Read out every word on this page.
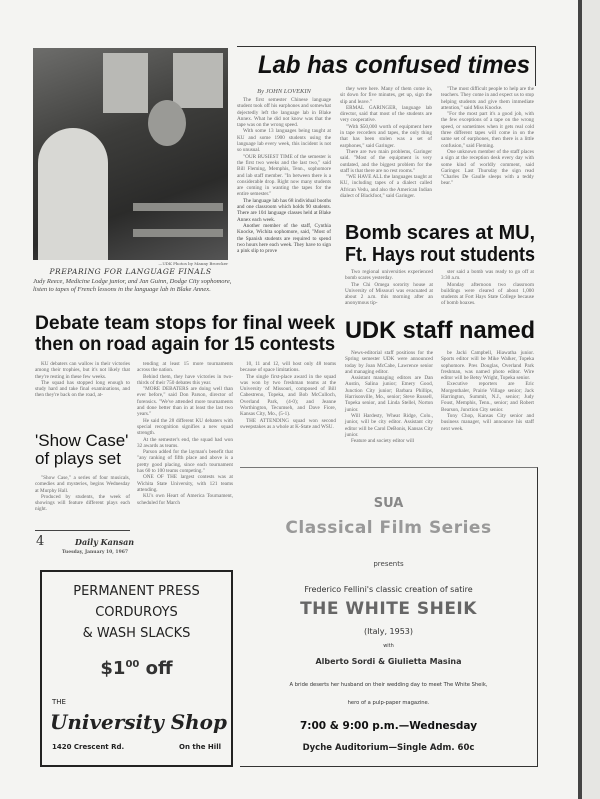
—UDK Photos by Manny Broecker
PREPARING FOR LANGUAGE FINALS
Judy Reece, Medicine Lodge junior, and Jan Guinn, Dodge City sophomore, listen to tapes of French lessons in the language lab in Blake Annex.
Lab has confused times
By JOHN LOVEKIN

The first semester Chinese language student took off his earphones and somewhat dejectedly left the language lab in Blake Annex. What he did not know was that the tape was on the wrong speed.

With some 13 languages being taught at KU and some 1900 students using the language lab every week, this incident is not so unusual.

"OUR BUSIEST TIME of the semester is the first two weeks and the last two," said Bill Fleming, Memphis, Tenn., sophomore and lab staff member. "In between there is a considerable drop. Right now many students are coming in wanting the tapes for the entire semester."

The language lab has 68 individual booths and one classroom which holds 90 students. There are 104 language classes held at Blake Annex each week.

Another member of the staff, Cynthia Knocke, Wichita sophomore, said, "Most of the Spanish students are required to spend two hours here each week. They have to sign a pink slip to prove

they were here. Many of them come in, sit down for five minutes, get up, sign the slip and leave."

ERMAL GARINGER, language lab director, said that most of the students are very cooperative.

"With $50,000 worth of equipment here in tape recorders and tapes, the only thing that has been stolen was a set of earphones," said Garinger.

There are two main problems, Garinger said. "Most of the equipment is very outdated, and the biggest problem for the staff is that there are no rest rooms."

"WE HAVE ALL the languages taught at KU, including tapes of a dialect called African Vedu, and also the American Indian dialect of Blackfoot," said Garinger.

"The most difficult people to help are the teachers. They come in and expect us to stop helping students and give them immediate attention," said Miss Knocke.

"For the most part it's a good job, with the few exceptions of a tape on the wrong speed, or sometimes when it gets real cold three different tapes will come in on the same set of earphones, then there is a little confusion," said Fleming.

One unknown member of the staff places a sign at the reception desk every day with some kind of worldly comment, said Garinger. Last Thursday the sign read "Charles De Gaulle sleeps with a teddy bear."

Bomb scares at MU,
Ft. Hays rout students

Two regional universities experienced bomb scares yesterday.

The Chi Omega sorority house at University of Missouri was evacuated at about 2 a.m. this morning after an anonymous tip-

ster said a bomb was ready to go off at 3:30 a.m.

Monday afternoon two classroom buildings were cleared of about 1,000 students at Fort Hays State College because of bomb hoaxes.

Debate team stops for final week
then on road again for 15 contests

KU debaters can wallow in their victories among their trophies, but it's not likely that they're resting in these few weeks.

The squad has stopped long enough to study hard and take final examinations, and then they're back on the road, at-

tending at least 15 more tournaments across the nation.

Behind them, they have victories in two-thirds of their 750 debates this year.

"MORE DEBATERS are doing well than ever before," said Don Parson, director of forensics. "We've attended more tournaments and done better than in at least the last two years."

He said the 28 different KU debaters with special recognition signifies a new squad strength.

At the semester's end, the squad had won 32 awards as teams.

Parson added for the layman's benefit that "any ranking of fifth place and above is a pretty good placing, since each tournament has 60 to 100 teams competing."

ONE OF THE largest contests was at Wichita State University, with 121 teams attending.

KU's own Heart of America Tournament, scheduled for March

10, 11 and 12, will host only 48 teams because of space limitations.

The single first-place award in the squad was won by two freshman teams at the University of Missouri, composed of Bill Cabestreno, Topeka, and Bob McCulloch, Overland Park, (4-0); and Jeanne Worthington, Tecumseh, and Dave Fiore, Kansas City, Mo., (5-1).

THE ATTENDING squad won second sweepstakes as a whole at K-State and WSU.

'Show Case'
of plays set

"Show Case," a series of four musicals, comedies and mysteries, begins Wednesday at Murphy Hall.

Produced by students, the week of showings will feature different plays each night.

4	Daily Kansan
Tuesday, January 10, 1967
UDK staff named

News-editorial staff positions for the Spring semester UDK were announced today by Joan McCabe, Lawrence senior and managing editor.

Assistant managing editors are Dan Austin, Salina junior; Emery Good, Junction City junior; Barbara Phillips, Harrisonville, Mo., senior; Steve Russell, Topeka senior, and Linda Stellel, Norton junior.

Will Hardesty, Wheat Ridge, Colo., junior, will be city editor. Assistant city editor will be Carol DeBonis, Kansas City junior.

Feature and society editor will

be Jacki Campbell, Hiawatha junior. Sports editor will be Mike Walker, Topeka sophomore. Pres Douglas, Overland Park freshman, was named photo editor. Wire editor will be Betsy Wright, Topeka senior.

Executive reporters are Eric Morgenthaler, Prairie Village senior; Jack Harrington, Summit, N.J., senior; Judy Foust, Memphis, Tenn., senior; and Robert Bearson, Junction City senior.

Tony Chop, Kansas City senior and business manager, will announce his staff next week.

SUA
Classical Film Series
presents
Frederico Fellini's classic creation of satire
THE WHITE SHEIK
(Italy, 1953)
with
Alberto Sordi & Giulietta Masina
A bride deserts her husband on their wedding day to meet The White Sheik,
hero of a pulp-paper magazine.
7:00 & 9:00 p.m.—Wednesday
Dyche Auditorium—Single Adm. 60c
PERMANENT PRESS
CORDUROYS
& WASH SLACKS
$\$1^{00}$ off
THE
University Shop
1420 Crescent Rd.	On the Hill
